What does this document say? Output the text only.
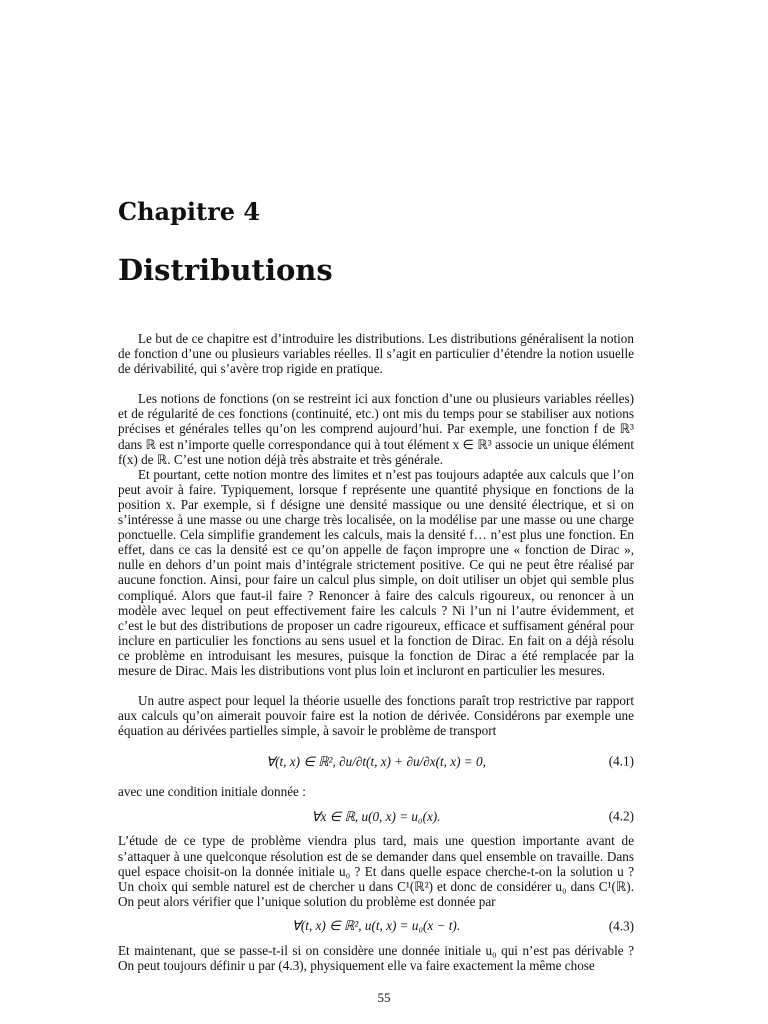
Chapitre 4
Distributions

Le but de ce chapitre est d’introduire les distributions. Les distributions généralisent la notion de fonction d’une ou plusieurs variables réelles. Il s’agit en particulier d’étendre la notion usuelle de dérivabilité, qui s’avère trop rigide en pratique.

Les notions de fonctions (on se restreint ici aux fonction d’une ou plusieurs variables réelles) et de régularité de ces fonctions (continuité, etc.) ont mis du temps pour se stabiliser aux notions précises et générales telles qu’on les comprend aujourd’hui. Par exemple, une fonction f de ℝ³ dans ℝ est n’importe quelle correspondance qui à tout élément x ∈ ℝ³ associe un unique élément f(x) de ℝ. C’est une notion déjà très abstraite et très générale.

Et pourtant, cette notion montre des limites et n’est pas toujours adaptée aux calculs que l’on peut avoir à faire. Typiquement, lorsque f représente une quantité physique en fonctions de la position x. Par exemple, si f désigne une densité massique ou une densité électrique, et si on s’intéresse à une masse ou une charge très localisée, on la modélise par une masse ou une charge ponctuelle. Cela simplifie grandement les calculs, mais la densité f… n’est plus une fonction. En effet, dans ce cas la densité est ce qu’on appelle de façon impropre une « fonction de Dirac », nulle en dehors d’un point mais d’intégrale strictement positive. Ce qui ne peut être réalisé par aucune fonction. Ainsi, pour faire un calcul plus simple, on doit utiliser un objet qui semble plus compliqué. Alors que faut-il faire ? Renoncer à faire des calculs rigoureux, ou renoncer à un modèle avec lequel on peut effectivement faire les calculs ? Ni l’un ni l’autre évidemment, et c’est le but des distributions de proposer un cadre rigoureux, efficace et suffisament général pour inclure en particulier les fonctions au sens usuel et la fonction de Dirac. En fait on a déjà résolu ce problème en introduisant les mesures, puisque la fonction de Dirac a été remplacée par la mesure de Dirac. Mais les distributions vont plus loin et incluront en particulier les mesures.

Un autre aspect pour lequel la théorie usuelle des fonctions paraît trop restrictive par rapport aux calculs qu’on aimerait pouvoir faire est la notion de dérivée. Considérons par exemple une équation au dérivées partielles simple, à savoir le problème de transport

∀(t, x) ∈ ℝ², ∂u/∂t(t, x) + ∂u/∂x(t, x) = 0,	(4.1)

avec une condition initiale donnée :

∀x ∈ ℝ, u(0, x) = u₀(x).	(4.2)

L’étude de ce type de problème viendra plus tard, mais une question importante avant de s’attaquer à une quelconque résolution est de se demander dans quel ensemble on travaille. Dans quel espace choisit-on la donnée initiale u₀ ? Et dans quelle espace cherche-t-on la solution u ? Un choix qui semble naturel est de chercher u dans C¹(ℝ²) et donc de considérer u₀ dans C¹(ℝ). On peut alors vérifier que l’unique solution du problème est donnée par

∀(t, x) ∈ ℝ², u(t, x) = u₀(x − t).	(4.3)

Et maintenant, que se passe-t-il si on considère une donnée initiale u₀ qui n’est pas dérivable ? On peut toujours définir u par (4.3), physiquement elle va faire exactement la même chose

55
